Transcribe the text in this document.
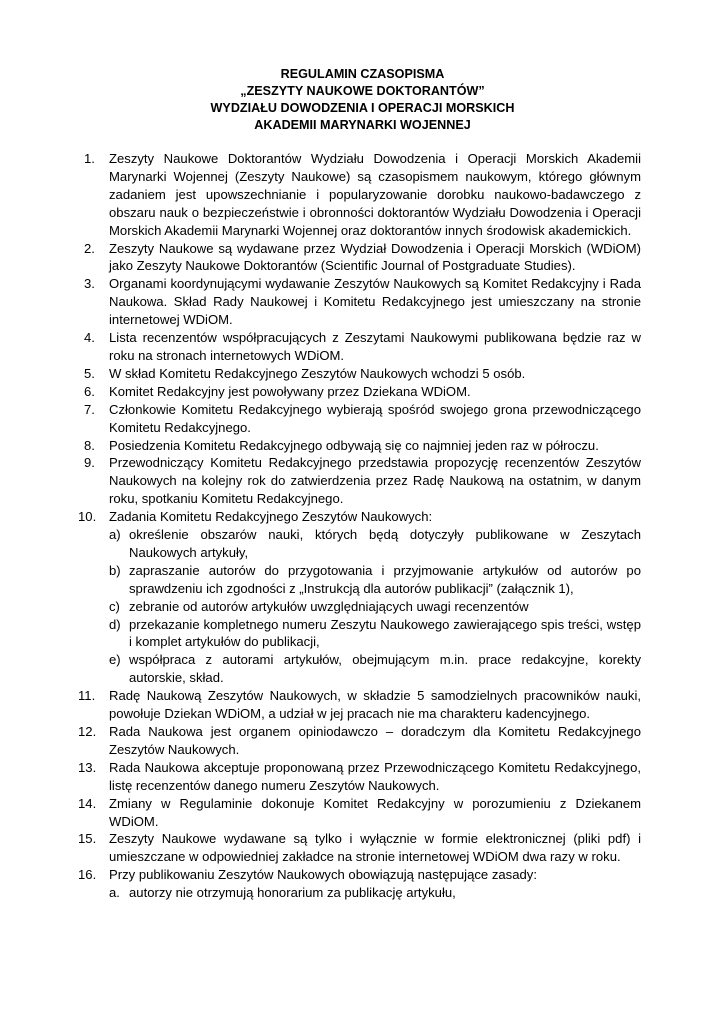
REGULAMIN CZASOPISMA
„ZESZYTY NAUKOWE DOKTORANTÓW”
WYDZIAŁU DOWODZENIA I OPERACJI MORSKICH
AKADEMII MARYNARKI WOJENNEJ
1. Zeszyty Naukowe Doktorantów Wydziału Dowodzenia i Operacji Morskich Akademii Marynarki Wojennej (Zeszyty Naukowe) są czasopismem naukowym, którego głównym zadaniem jest upowszechnianie i popularyzowanie dorobku naukowo-badawczego z obszaru nauk o bezpieczeństwie i obronności doktorantów Wydziału Dowodzenia i Operacji Morskich Akademii Marynarki Wojennej oraz doktorantów innych środowisk akademickich.
2. Zeszyty Naukowe są wydawane przez Wydział Dowodzenia i Operacji Morskich (WDiOM) jako Zeszyty Naukowe Doktorantów (Scientific Journal of Postgraduate Studies).
3. Organami koordynującymi wydawanie Zeszytów Naukowych są Komitet Redakcyjny i Rada Naukowa. Skład Rady Naukowej i Komitetu Redakcyjnego jest umieszczany na stronie internetowej WDiOM.
4. Lista recenzentów współpracujących z Zeszytami Naukowymi publikowana będzie raz w roku na stronach internetowych WDiOM.
5. W skład Komitetu Redakcyjnego Zeszytów Naukowych wchodzi 5 osób.
6. Komitet Redakcyjny jest powoływany przez Dziekana WDiOM.
7. Członkowie Komitetu Redakcyjnego wybierają spośród swojego grona przewodniczącego Komitetu Redakcyjnego.
8. Posiedzenia Komitetu Redakcyjnego odbywają się co najmniej jeden raz w półroczu.
9. Przewodniczący Komitetu Redakcyjnego przedstawia propozycję recenzentów Zeszytów Naukowych na kolejny rok do zatwierdzenia przez Radę Naukową na ostatnim, w danym roku, spotkaniu Komitetu Redakcyjnego.
10. Zadania Komitetu Redakcyjnego Zeszytów Naukowych:
a) określenie obszarów nauki, których będą dotyczyły publikowane w Zeszytach Naukowych artykuły,
b) zapraszanie autorów do przygotowania i przyjmowanie artykułów od autorów po sprawdzeniu ich zgodności z „Instrukcją dla autorów publikacji” (załącznik 1),
c) zebranie od autorów artykułów uwzględniających uwagi recenzentów
d) przekazanie kompletnego numeru Zeszytu Naukowego zawierającego spis treści, wstęp i komplet artykułów do publikacji,
e) współpraca z autorami artykułów, obejmującym m.in. prace redakcyjne, korekty autorskie, skład.
11. Radę Naukową Zeszytów Naukowych, w składzie 5 samodzielnych pracowników nauki, powołuje Dziekan WDiOM, a udział w jej pracach nie ma charakteru kadencyjnego.
12. Rada Naukowa jest organem opiniodawczo – doradczym dla Komitetu Redakcyjnego Zeszytów Naukowych.
13. Rada Naukowa akceptuje proponowaną przez Przewodniczącego Komitetu Redakcyjnego, listę recenzentów danego numeru Zeszytów Naukowych.
14. Zmiany w Regulaminie dokonuje Komitet Redakcyjny w porozumieniu z Dziekanem WDiOM.
15. Zeszyty Naukowe wydawane są tylko i wyłącznie w formie elektronicznej (pliki pdf) i umieszczane w odpowiedniej zakładce na stronie internetowej WDiOM dwa razy w roku.
16. Przy publikowaniu Zeszytów Naukowych obowiązują następujące zasady:
a. autorzy nie otrzymują honorarium za publikację artykułu,
